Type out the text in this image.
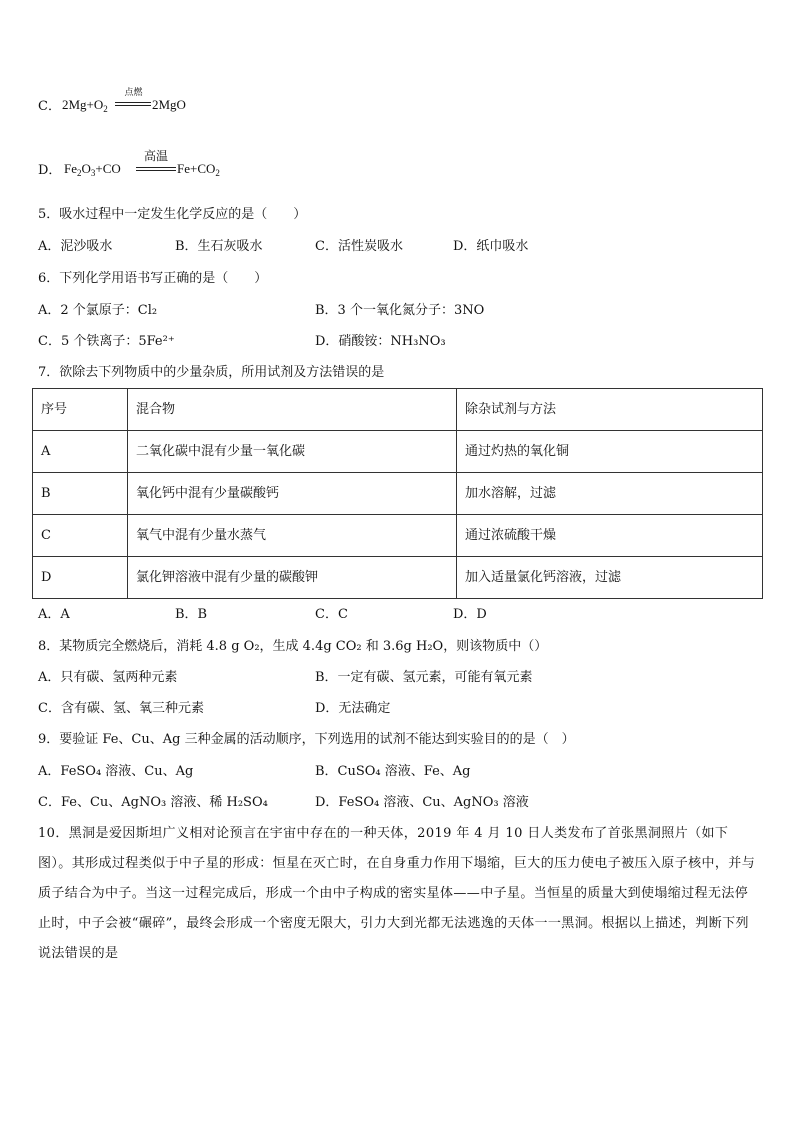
C． $2Mg+O_2$
点燃
2MgO
D． $Fe_2O_3+CO$
高温
$Fe+CO_2$
5．吸水过程中一定发生化学反应的是（　　）
A．泥沙吸水	B．生石灰吸水	C．活性炭吸水	D．纸巾吸水
6．下列化学用语书写正确的是（　　）
A．2 个氯原子：Cl₂	B．3 个一氧化氮分子：3NO
C．5 个铁离子：5Fe²⁺	D．硝酸铵：NH₃NO₃
7．欲除去下列物质中的少量杂质，所用试剂及方法错误的是
序号	混合物	除杂试剂与方法
A	二氧化碳中混有少量一氧化碳	通过灼热的氧化铜
B	氧化钙中混有少量碳酸钙	加水溶解，过滤
C	氧气中混有少量水蒸气	通过浓硫酸干燥
D	氯化钾溶液中混有少量的碳酸钾	加入适量氯化钙溶液，过滤
A．A	B．B	C．C	D．D
8．某物质完全燃烧后，消耗 4.8 g O₂，生成 4.4g CO₂ 和 3.6g H₂O，则该物质中（）
A．只有碳、氢两种元素	B．一定有碳、氢元素，可能有氧元素
C．含有碳、氢、氧三种元素	D．无法确定
9．要验证 Fe、Cu、Ag 三种金属的活动顺序，下列选用的试剂不能达到实验目的的是（　）
A．FeSO₄ 溶液、Cu、Ag	B．CuSO₄ 溶液、Fe、Ag
C．Fe、Cu、AgNO₃ 溶液、稀 H₂SO₄	D．FeSO₄ 溶液、Cu、AgNO₃ 溶液
10．黑洞是爱因斯坦广义相对论预言在宇宙中存在的一种天体，2019 年 4 月 10 日人类发布了首张黑洞照片（如下图）。其形成过程类似于中子星的形成：恒星在灭亡时，在自身重力作用下塌缩，巨大的压力使电子被压入原子核中，并与质子结合为中子。当这一过程完成后，形成一个由中子构成的密实星体——中子星。当恒星的质量大到使塌缩过程无法停止时，中子会被“碾碎”，最终会形成一个密度无限大，引力大到光都无法逃逸的天体一一黑洞。根据以上描述，判断下列说法错误的是
